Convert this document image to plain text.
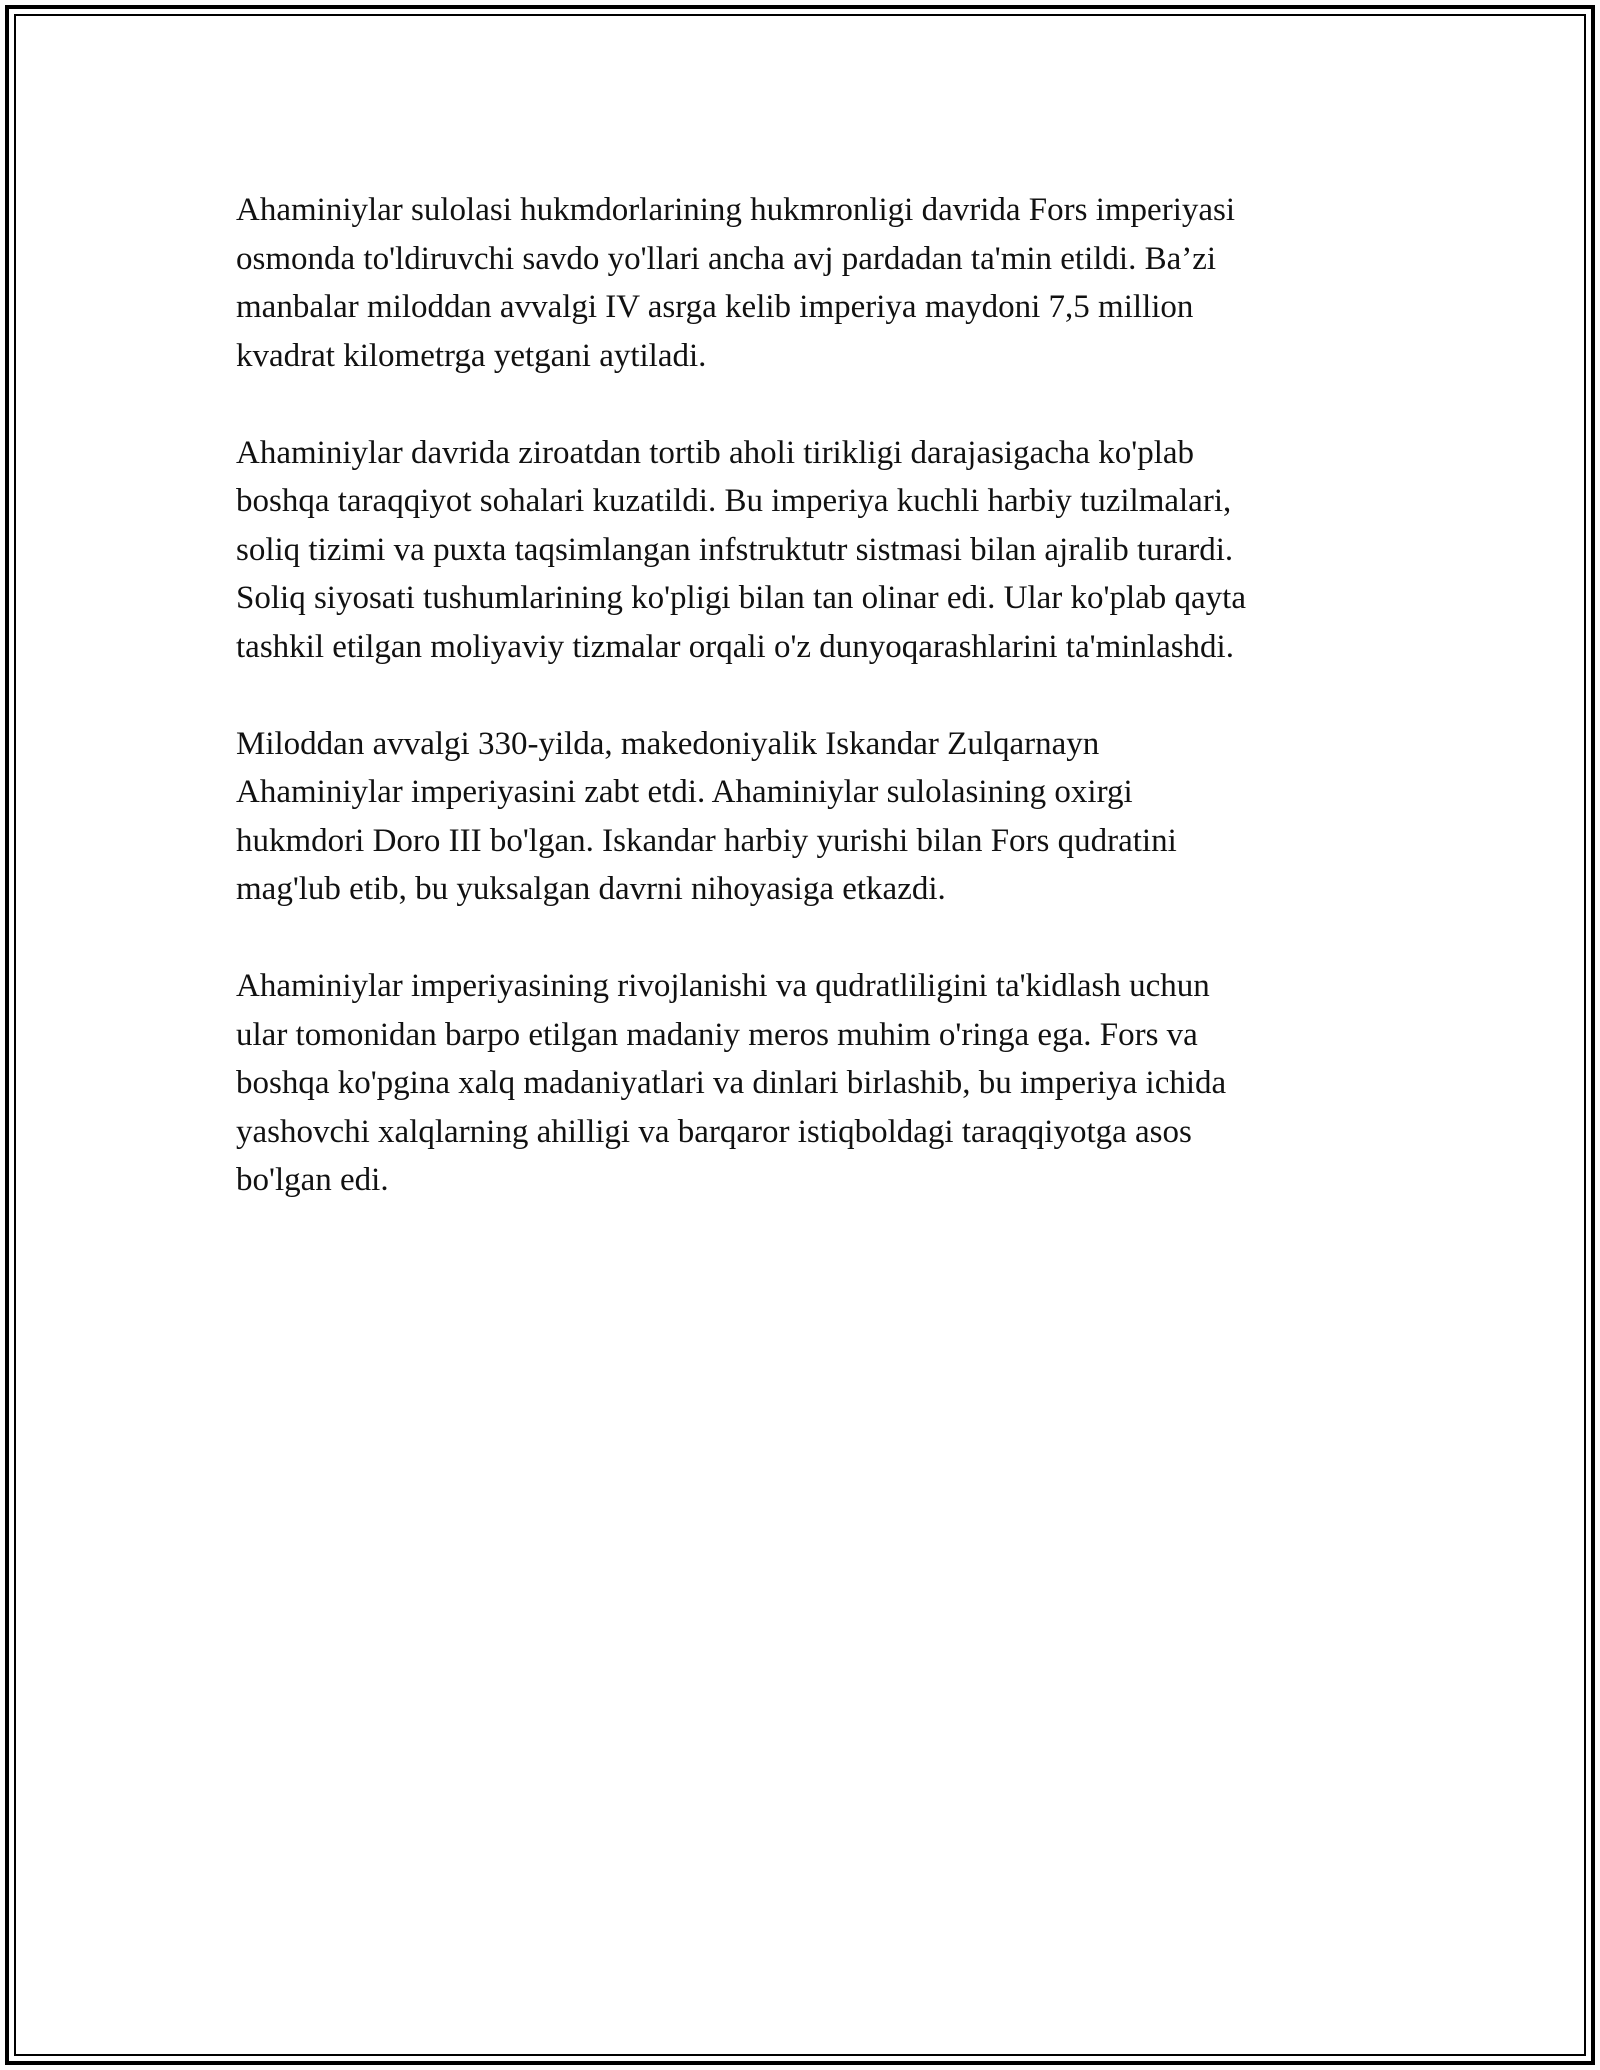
Ahaminiylar sulolasi hukmdorlarining hukmronligi davrida Fors imperiyasi
osmonda to'ldiruvchi savdo yo'llari ancha avj pardadan ta'min etildi. Ba’zi
manbalar miloddan avvalgi IV asrga kelib imperiya maydoni 7,5 million
kvadrat kilometrga yetgani aytiladi.

Ahaminiylar davrida ziroatdan tortib aholi tirikligi darajasigacha ko'plab
boshqa taraqqiyot sohalari kuzatildi. Bu imperiya kuchli harbiy tuzilmalari,
soliq tizimi va puxta taqsimlangan infstruktutr sistmasi bilan ajralib turardi.
Soliq siyosati tushumlarining ko'pligi bilan tan olinar edi. Ular ko'plab qayta
tashkil etilgan moliyaviy tizmalar orqali o'z dunyoqarashlarini ta'minlashdi.

Miloddan avvalgi 330-yilda, makedoniyalik Iskandar Zulqarnayn
Ahaminiylar imperiyasini zabt etdi. Ahaminiylar sulolasining oxirgi
hukmdori Doro III bo'lgan. Iskandar harbiy yurishi bilan Fors qudratini
mag'lub etib, bu yuksalgan davrni nihoyasiga etkazdi.

Ahaminiylar imperiyasining rivojlanishi va qudratliligini ta'kidlash uchun
ular tomonidan barpo etilgan madaniy meros muhim o'ringa ega. Fors va
boshqa ko'pgina xalq madaniyatlari va dinlari birlashib, bu imperiya ichida
yashovchi xalqlarning ahilligi va barqaror istiqboldagi taraqqiyotga asos
bo'lgan edi.
